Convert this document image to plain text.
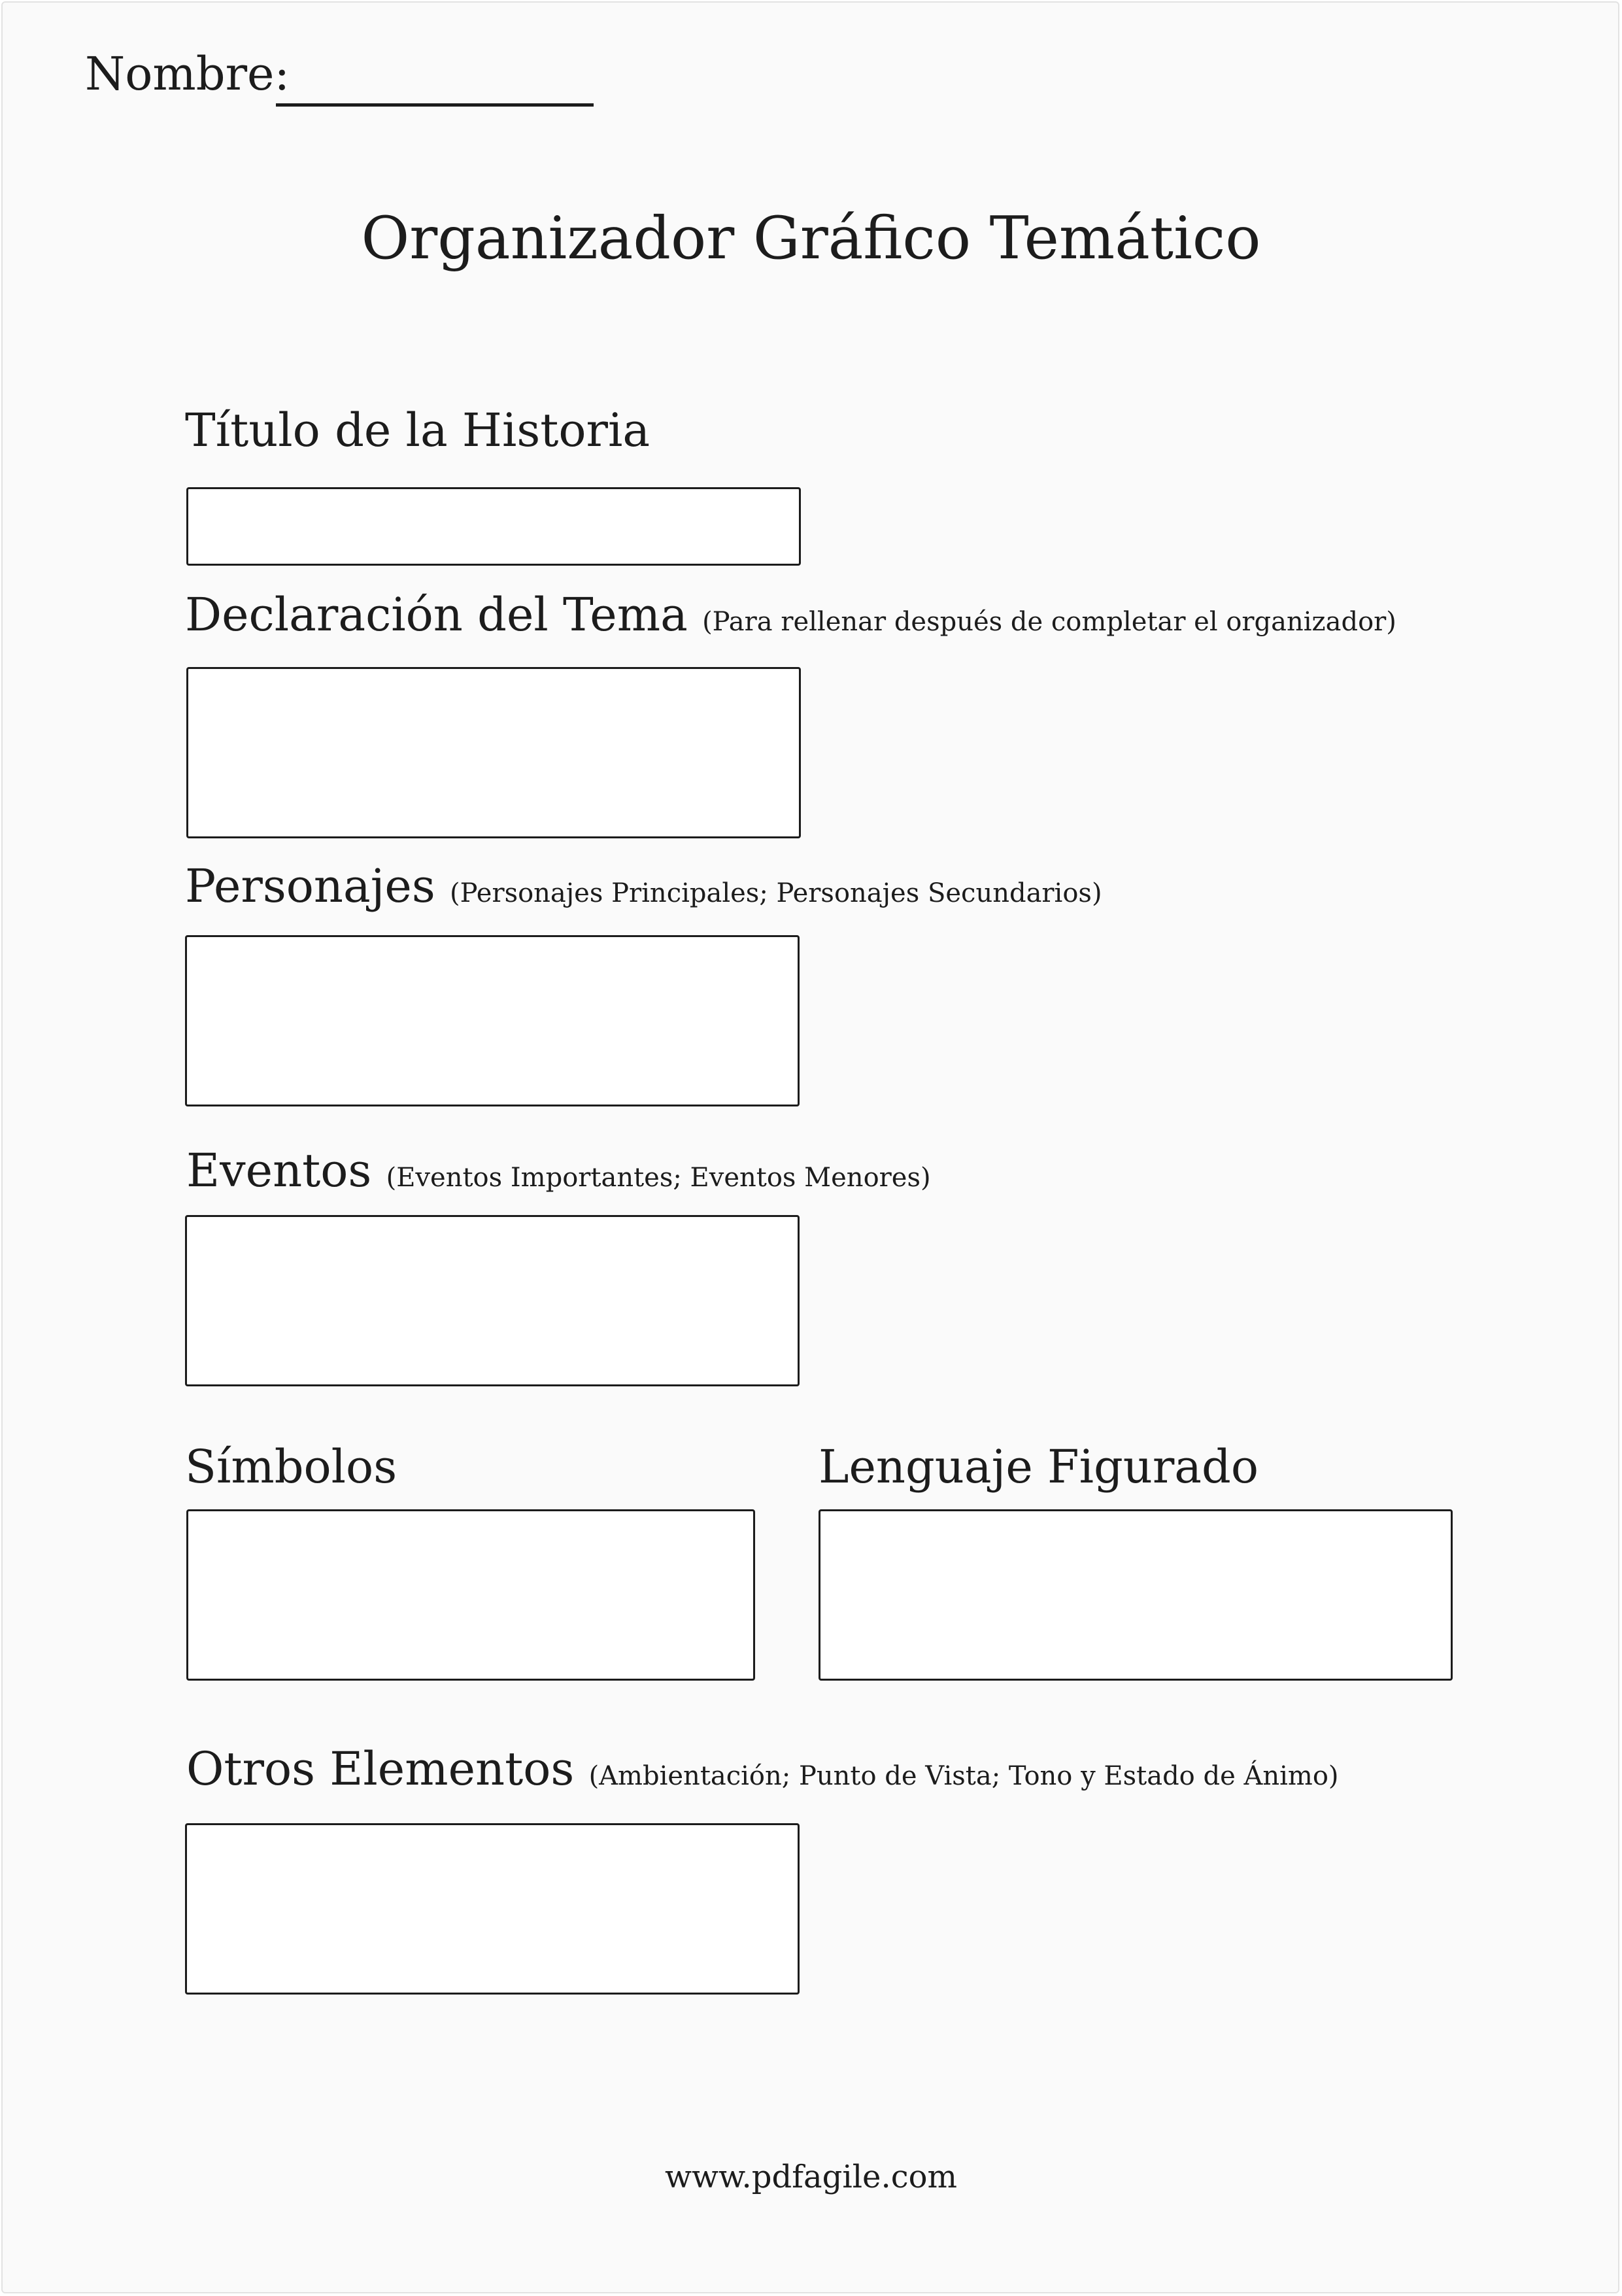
Nombre:
Organizador Gráfico Temático
Título de la Historia
Declaración del Tema (Para rellenar después de completar el organizador)
Personajes (Personajes Principales; Personajes Secundarios)
Eventos (Eventos Importantes; Eventos Menores)
Símbolos	Lenguaje Figurado
Otros Elementos (Ambientación; Punto de Vista; Tono y Estado de Ánimo)
www.pdfagile.com
